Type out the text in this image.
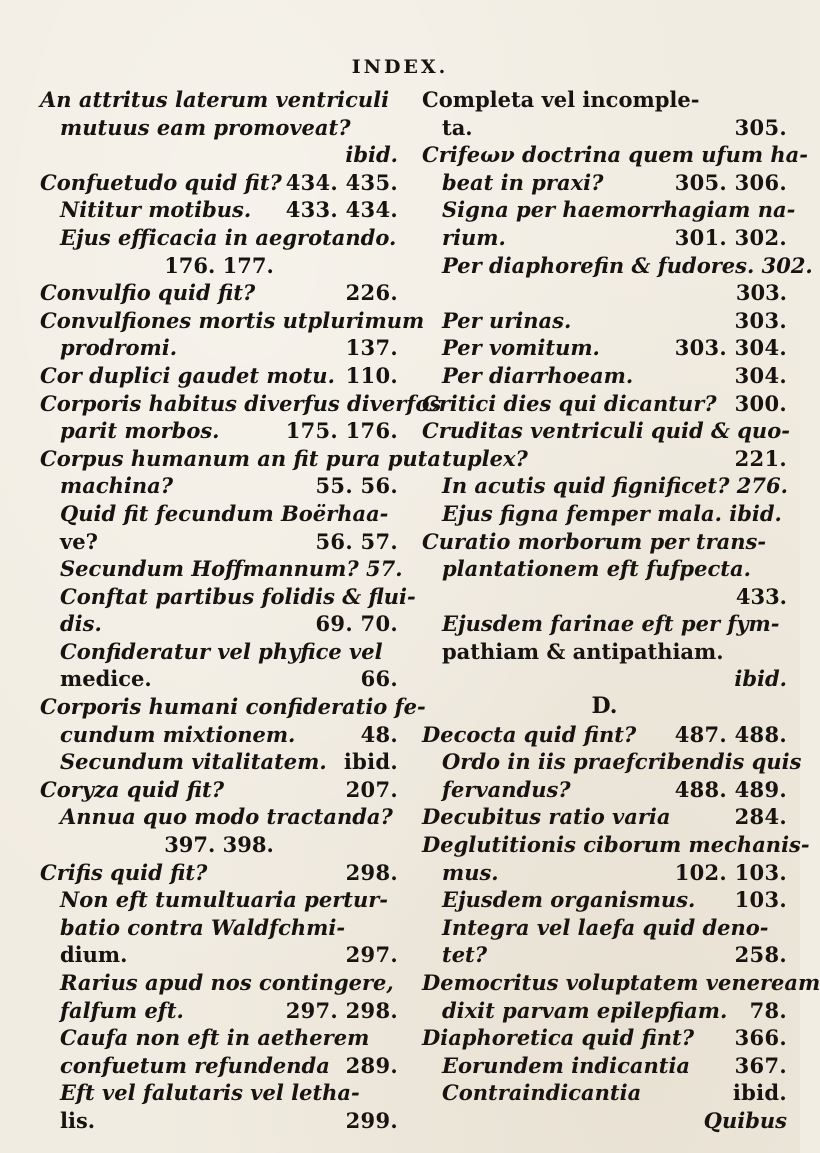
INDEX.
An attritus laterum ventriculi
mutuus eam promoveat?
ibid.
Confuetudo quid fit? 434. 435.
Nititur motibus. 433. 434.
Ejus efficacia in aegrotando.
176. 177.
Convulfio quid fit?	226.
Convulfiones mortis utplurimum
prodromi.	137.
Cor duplici gaudet motu. 110.
Corporis habitus diverfus diverfos
parit morbos.	175. 176.
Corpus humanum an fit pura puta
machina?	55. 56.
Quid fit fecundum Boërhaa-
ve?	56. 57.
Secundum Hoffmannum? 57.
Conftat partibus folidis & flui-
dis.	69. 70.
Confideratur vel phyfice vel
medice.	66.
Corporis humani confideratio fe-
cundum mixtionem.	48.
Secundum vitalitatem. ibid.
Coryza quid fit?	207.
Annua quo modo tractanda?
397. 398.
Crifis quid fit?	298.
Non eft tumultuaria pertur-
batio contra Waldfchmi-
dium.	297.
Rarius apud nos contingere,
falfum eft.	297. 298.
Caufa non eft in aetherem
confuetum refundenda 289.
Eft vel falutaris vel letha-
lis.	299.
Completa vel incomple-
ta.	305.
Crifeων doctrina quem ufum ha-
beat in praxi?	305. 306.
Signa per haemorrhagiam na-
rium.	301. 302.
Per diaphorefin & fudores. 302.
303.
Per urinas.	303.
Per vomitum.	303. 304.
Per diarrhoeam.	304.
Critici dies qui dicantur? 300.
Cruditas ventriculi quid & quo-
tuplex?	221.
In acutis quid fignificet? 276.
Ejus figna femper mala. ibid.
Curatio morborum per trans-
plantationem eft fufpecta.
433.
Ejusdem farinae eft per fym-
pathiam & antipathiam.
ibid.
D.
Decocta quid fint? 487. 488.
Ordo in iis praefcribendis quis
fervandus?	488. 489.
Decubitus ratio varia	284.
Deglutitionis ciborum mechanis-
mus.	102. 103.
Ejusdem organismus. 103.
Integra vel laefa quid deno-
tet?	258.
Democritus voluptatem veneream
dixit parvam epilepfiam. 78.
Diaphoretica quid fint? 366.
Eorundem indicantia 367.
Contraindicantia	ibid.
Quibus
